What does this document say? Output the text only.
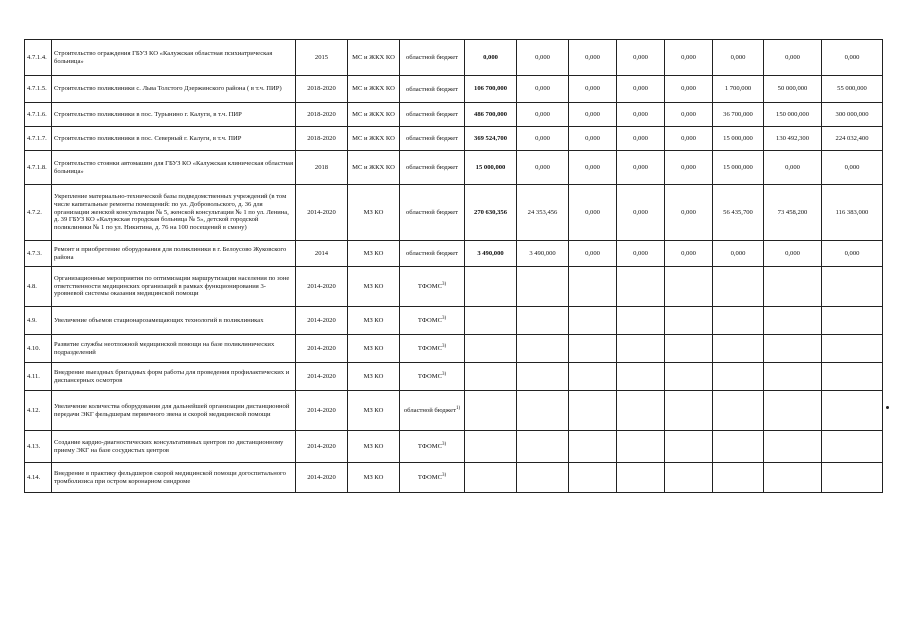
4.7.1.4.	Строительство ограждения ГБУЗ КО «Калужская областная психиатрическая больница»	2015	МС и ЖКХ КО	областной бюджет	0,000	0,000	0,000	0,000	0,000	0,000	0,000	0,000
4.7.1.5.	Строительство поликлиники с. Льва Толстого Дзержинского района ( в т.ч. ПИР)	2018-2020	МС и ЖКХ КО	областной бюджет	106 700,000	0,000	0,000	0,000	0,000	1 700,000	50 000,000	55 000,000
4.7.1.6.	Строительство поликлиники в пос. Турынино г. Калуги, в т.ч. ПИР	2018-2020	МС и ЖКХ КО	областной бюджет	486 700,000	0,000	0,000	0,000	0,000	36 700,000	150 000,000	300 000,000
4.7.1.7.	Строительство поликлиники в пос. Северный г. Калуги, в т.ч. ПИР	2018-2020	МС и ЖКХ КО	областной бюджет	369 524,700	0,000	0,000	0,000	0,000	15 000,000	130 492,300	224 032,400
4.7.1.8.	Строительство стоянки автомашин для ГБУЗ КО «Калужская клиническая областная больница»	2018	МС и ЖКХ КО	областной бюджет	15 000,000	0,000	0,000	0,000	0,000	15 000,000	0,000	0,000
4.7.2.	Укрепление материально-технической базы подведомственных учреждений (в том числе капитальные ремонты помещений: по ул. Добровольского, д. 36 для организации женской консультации № 5, женской консультации № 1 по ул. Ленина, д. 39 ГБУЗ КО «Калужская городская больница № 5», детской городской поликлиники № 1 по ул. Никитина, д. 76 на 100 посещений в смену)	2014-2020	МЗ КО	областной бюджет	270 630,356	24 353,456	0,000	0,000	0,000	56 435,700	73 458,200	116 383,000
4.7.3.	Ремонт и приобретение оборудования для поликлиники в г. Белоусово Жуковского района	2014	МЗ КО	областной бюджет	3 490,000	3 490,000	0,000	0,000	0,000	0,000	0,000	0,000
4.8.	Организационные мероприятия по оптимизации маршрутизации населения по зоне ответственности медицинских организаций в рамках функционирования 3-уровневой системы оказания медицинской помощи	2014-2020	МЗ КО	ТФОМС$^{3)}$								
4.9.	Увеличение объемов стационарозамещающих технологий в поликлиниках	2014-2020	МЗ КО	ТФОМС$^{3)}$								
4.10.	Развитие службы неотложной медицинской помощи на базе поликлинических подразделений	2014-2020	МЗ КО	ТФОМС$^{3)}$								
4.11.	Внедрение выездных бригадных форм работы для проведения профилактических и диспансерных осмотров	2014-2020	МЗ КО	ТФОМС$^{3)}$								
4.12.	Увеличение количества оборудования для дальнейшей организации дистанционной передачи ЭКГ фельдшерам первичного звена и скорой медицинской помощи	2014-2020	МЗ КО	областной бюджет$^{1)}$								
4.13.	Создание кардио-диагностических консультативных центров по дистанционному приему ЭКГ на базе сосудистых центров	2014-2020	МЗ КО	ТФОМС$^{3)}$								
4.14.	Внедрение в практику фельдшеров скорой медицинской помощи догоспитального тромболизиса при остром коронарном синдроме	2014-2020	МЗ КО	ТФОМС$^{3)}$								
